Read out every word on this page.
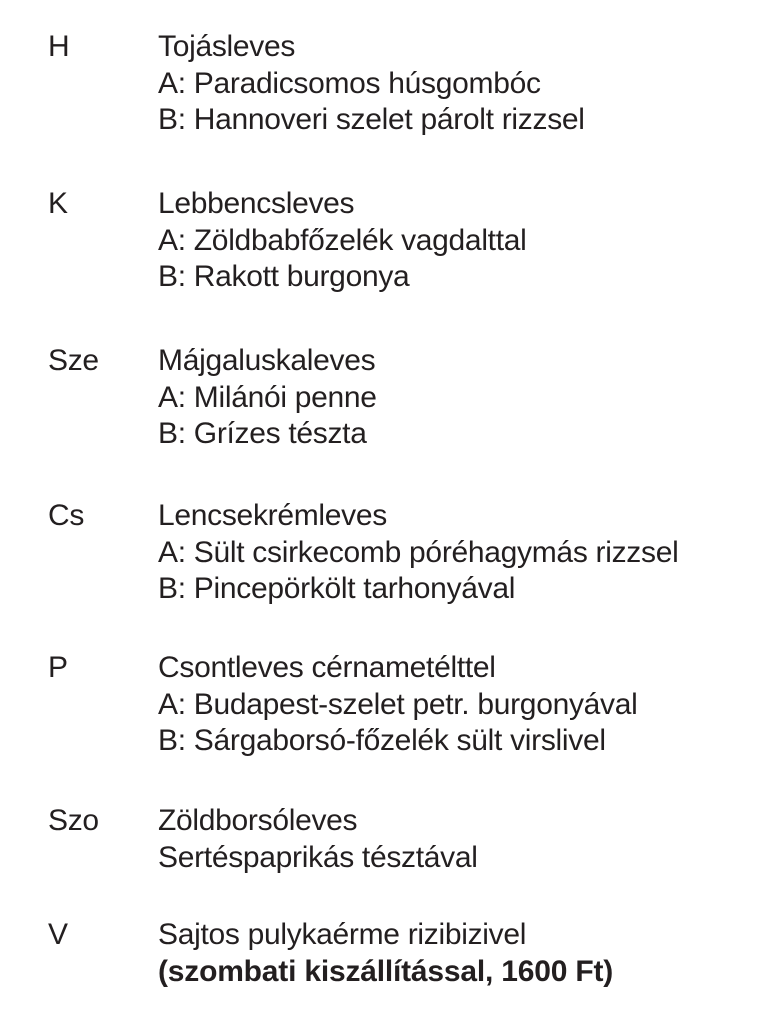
H	Tojásleves
A: Paradicsomos húsgombóc
B: Hannoveri szelet párolt rizzsel
K	Lebbencsleves
A: Zöldbabfőzelék vagdalttal
B: Rakott burgonya
Sze Májgaluskaleves
A: Milánói penne
B: Grízes tészta
Cs Lencsekrémleves
A: Sült csirkecomb póréhagymás rizzsel
B: Pincepörkölt tarhonyával
P	Csontleves cérnametélttel
A: Budapest-szelet petr. burgonyával
B: Sárgaborsó-főzelék sült virslivel
Szo Zöldborsóleves
Sertéspaprikás tésztával
V	Sajtos pulykaérme rizibizivel
(szombati kiszállítással, 1600 Ft)
